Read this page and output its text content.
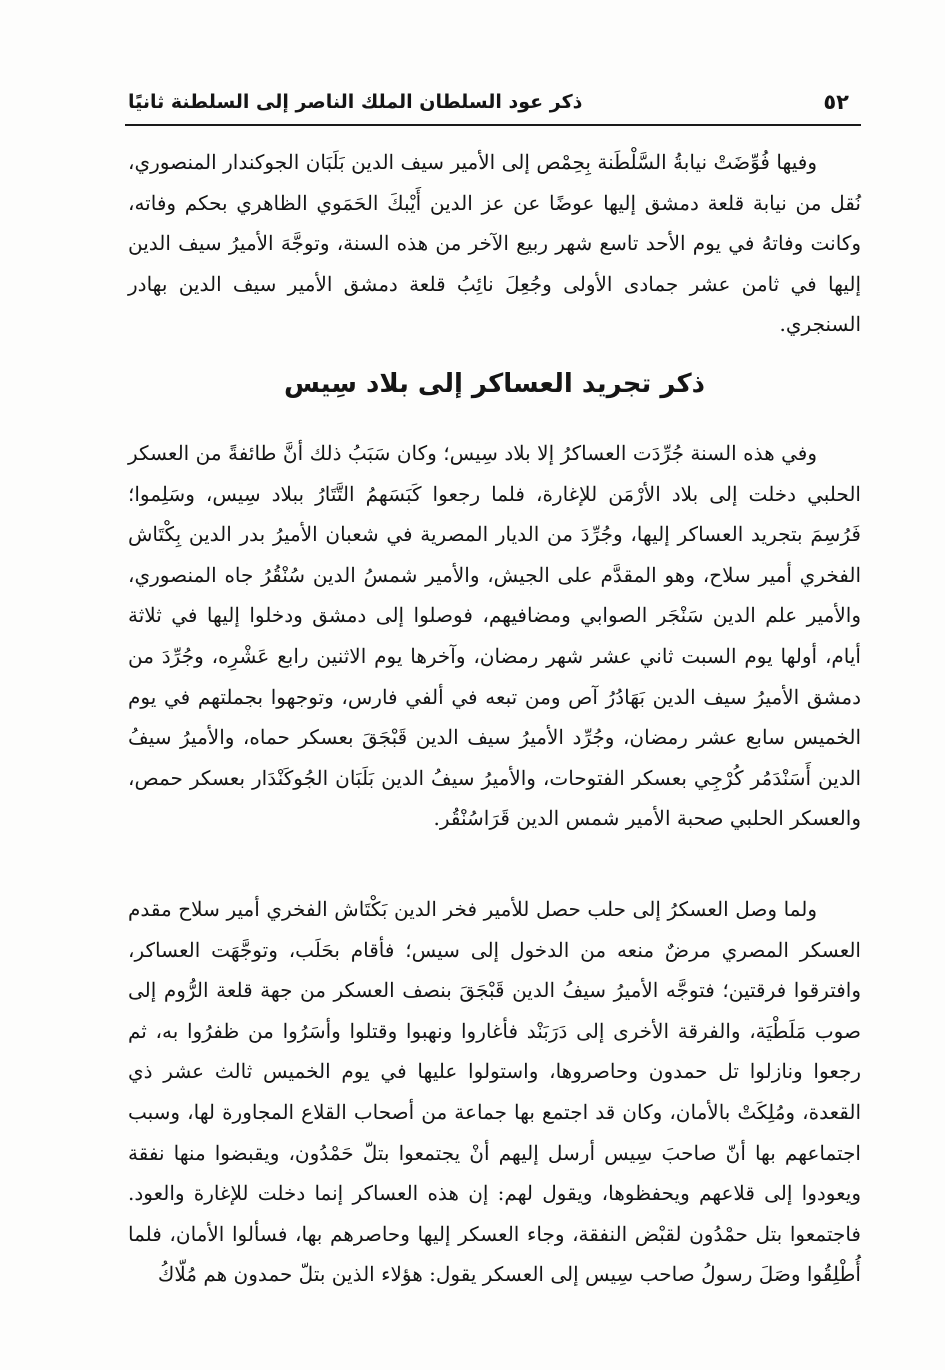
٥٢
ذكر عود السلطان الملك الناصر إلى السلطنة ثانيًا

وفيها فُوِّضَتْ نيابةُ السَّلْطَنة بِحِمْص إلى الأمير سيف الدين بَلَبَان الجوكندار المنصوري، نُقل من نيابة قلعة دمشق إليها عوضًا عن عز الدين أَيْبكَ الحَمَوي الظاهري بحكم وفاته، وكانت وفاتهُ في يوم الأحد تاسع شهر ربيع الآخر من هذه السنة، وتوجَّهَ الأميرُ سيف الدين إليها في ثامن عشر جمادى الأولى وجُعِلَ نائِبُ قلعة دمشق الأمير سيف الدين بهادر السنجري.

ذكر تجريد العساكر إلى بلاد سِيس

وفي هذه السنة جُرِّدَت العساكرُ إلا بلاد سِيس؛ وكان سَبَبُ ذلك أنَّ طائفةً من العسكر الحلبي دخلت إلى بلاد الأرْمَن للإغارة، فلما رجعوا كَبَسَهمُ التَّتَارُ ببلاد سِيس، وسَلِموا؛ فَرُسِمَ بتجريد العساكر إليها، وجُرِّدَ من الديار المصرية في شعبان الأميرُ بدر الدين بِكْتَاش الفخري أمير سلاح، وهو المقدَّم على الجيش، والأمير شمسُ الدين سُنْقُرُ جاه المنصوري، والأمير علم الدين سَنْجَر الصوابي ومضافيهم، فوصلوا إلى دمشق ودخلوا إليها في ثلاثة أيام، أولها يوم السبت ثاني عشر شهر رمضان، وآخرها يوم الاثنين رابع عَشْرِه، وجُرِّدَ من دمشق الأميرُ سيف الدين بَهَادُرُ آص ومن تبعه في ألفي فارس، وتوجهوا بجملتهم في يوم الخميس سابع عشر رمضان، وجُرِّد الأميرُ سيف الدين قَبْجَقَ بعسكر حماه، والأميرُ سيفُ الدين أَسَنْدَمُر كُرْجِي بعسكر الفتوحات، والأميرُ سيفُ الدين بَلَبَان الجُوكَنْدَار بعسكر حمص، والعسكر الحلبي صحبة الأمير شمس الدين قَرَاسُنْقُر.

ولما وصل العسكرُ إلى حلب حصل للأمير فخر الدين بَكْتَاش الفخري أمير سلاح مقدم العسكر المصري مرضٌ منعه من الدخول إلى سيس؛ فأقام بحَلَب، وتوجَّهَت العساكر، وافترقوا فرقتين؛ فتوجَّه الأميرُ سيفُ الدين قَبْجَقَ بنصف العسكر من جهة قلعة الرُّوم إلى صوب مَلَطْيَة، والفرقة الأخرى إلى دَرَبَنْد فأغاروا ونهبوا وقتلوا وأسَرُوا من ظفرُوا به، ثم رجعوا ونازلوا تل حمدون وحاصروها، واستولوا عليها في يوم الخميس ثالث عشر ذي القعدة، ومُلِكَتْ بالأمان، وكان قد اجتمع بها جماعة من أصحاب القلاع المجاورة لها، وسبب اجتماعهم بها أنّ صاحبَ سِيس أرسل إليهم أنْ يجتمعوا بتلّ حَمْدُون، ويقبضوا منها نفقة ويعودوا إلى قلاعهم ويحفظوها، ويقول لهم: إن هذه العساكر إنما دخلت للإغارة والعود. فاجتمعوا بتل حمْدُون لقبْض النفقة، وجاء العسكر إليها وحاصرهم بها، فسألوا الأمان، فلما أُطْلِقُوا وصَلَ رسولُ صاحب سِيس إلى العسكر يقول: هؤلاء الذين بتلّ حمدون هم مُلّاكُ
